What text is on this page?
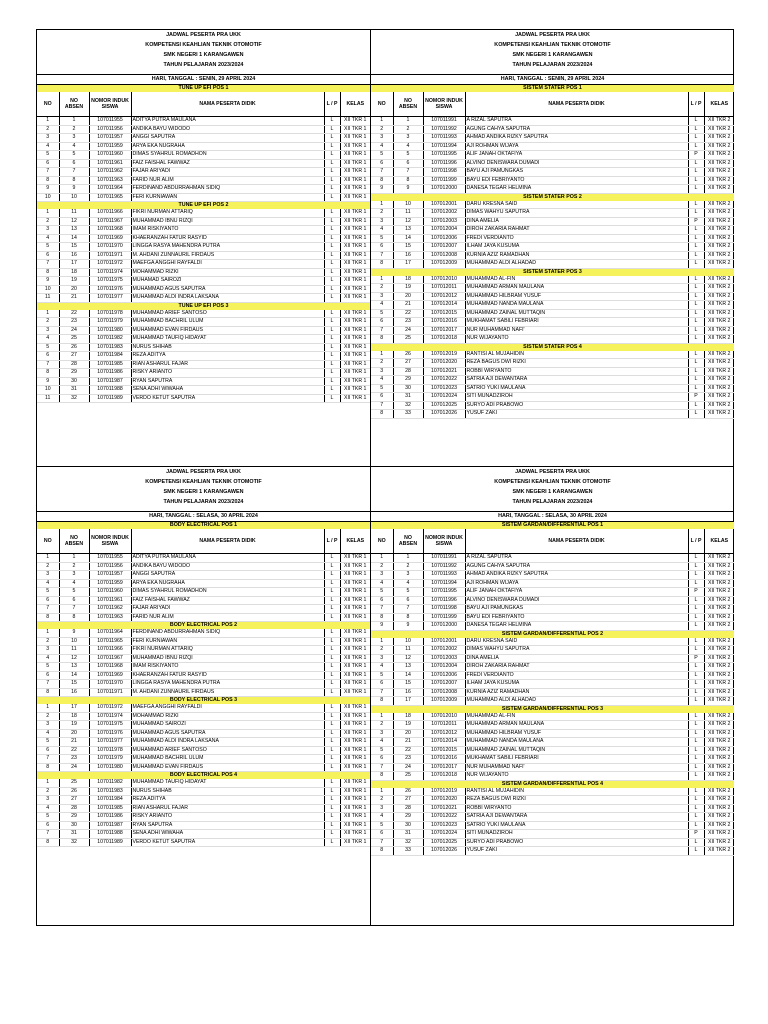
JADWAL PESERTA PRA UKK
KOMPETENSI KEAHLIAN TEKNIK OTOMOTIF
SMK NEGERI 1 KARANGAWEN
TAHUN PELAJARAN 2023/2024
HARI, TANGGAL : SENIN, 29 APRIL 2024
TUNE UP EFI POS 1
NO	NO ABSEN	NOMOR INDUK SISWA	NAMA PESERTA DIDIK	L / P	KELAS
1	1	107011955	ADITYA PUTRA MAULANA	L	XII TKR 1
2	2	107011956	ANDIKA BAYU WIDODO	L	XII TKR 1
3	3	107011957	ANGGI SAPUTRA	L	XII TKR 1
4	4	107011959	ARYA EKA NUGRAHA	L	XII TKR 1
5	5	107011960	DIMAS SYAHRUL ROMADHON	L	XII TKR 1
6	6	107011961	FAIZ FAISHAL FAWWAZ	L	XII TKR 1
7	7	107011962	FAJAR ARIYADI	L	XII TKR 1
8	8	107011963	FARID NUR ALIM	L	XII TKR 1
9	9	107011964	FERDINAND ABDURRAHMAN SIDIQ	L	XII TKR 1
10	10	107011965	FERI KURNIAWAN	L	XII TKR 1
TUNE UP EFI POS 2
1	11	107011966	FIKRI NURMAN ATTARIQ	L	XII TKR 1
2	12	107011967	MUHAMMAD IBNU RIZQI	L	XII TKR 1
3	13	107011968	IMAM RISKIYANTO	L	XII TKR 1
4	14	107011969	KHAERANZAH FATUR RASYID	L	XII TKR 1
5	15	107011970	LINGGA RASYA MAHENDRA PUTRA	L	XII TKR 1
6	16	107011971	M. AHDANI ZUNNAURIL FIRDAUS	L	XII TKR 1
7	17	107011972	MAEFGA ANGGHI RAYFALDI	L	XII TKR 1
8	18	107011974	MOHAMMAD RIZKI	L	XII TKR 1
9	19	107011975	MUHAMAD SAIROZI	L	XII TKR 1
10	20	107011976	MUHAMMAD AGUS SAPUTRA	L	XII TKR 1
11	21	107011977	MUHAMMAD ALDI INDRA LAKSANA	L	XII TKR 1
TUNE UP EFI POS 3
1	22	107011978	MUHAMMAD ARIEF SANTOSO	L	XII TKR 1
2	23	107011979	MUHAMMAD BACHRIL ULUM	L	XII TKR 1
3	24	107011980	MUHAMMAD EVAN FIRDAUS	L	XII TKR 1
4	25	107011982	MUHAMMAD TAUFIQ HIDAYAT	L	XII TKR 1
5	26	107011983	NURUS SHIHAB	L	XII TKR 1
6	27	107011984	REZA ADITYA	L	XII TKR 1
7	28	107011985	RIAN ASHARUL FAJAR	L	XII TKR 1
8	29	107011986	RISKY ARIANTO	L	XII TKR 1
9	30	107011987	RYAN SAPUTRA	L	XII TKR 1
10	31	107011988	SENA ADHI WIWAHA	L	XII TKR 1
11	32	107011989	VERDO KETUT SAPUTRA	L	XII TKR 1
JADWAL PESERTA PRA UKK
KOMPETENSI KEAHLIAN TEKNIK OTOMOTIF
SMK NEGERI 1 KARANGAWEN
TAHUN PELAJARAN 2023/2024
HARI, TANGGAL : SENIN, 29 APRIL 2024
SISTEM STATER POS 1
NO	NO ABSEN	NOMOR INDUK SISWA	NAMA PESERTA DIDIK	L / P	KELAS
1	1	107011991	A RIZAL SAPUTRA	L	XII TKR 2
2	2	107011992	AGUNG CAHYA SAPUTRA	L	XII TKR 2
3	3	107011993	AHMAD ANDIKA RIZKY SAPUTRA	L	XII TKR 2
4	4	107011994	AJI ROHMAN WIJAYA	L	XII TKR 2
5	5	107011995	ALIF JANAH OKTAFIYA	P	XII TKR 2
6	6	107011996	ALVINO DENISWARA DUMADI	L	XII TKR 2
7	7	107011998	BAYU AJI PAMUNGKAS	L	XII TKR 2
8	8	107011999	BAYU EDI FEBRIYANTO	L	XII TKR 2
9	9	107012000	DANESA TEGAR HELMINA	L	XII TKR 2
SISTEM STATER POS 2
1	10	107012001	DARU KRESNA SAID	L	XII TKR 2
2	11	107012002	DIMAS WAHYU SAPUTRA	L	XII TKR 2
3	12	107012003	DINA AMELIA	P	XII TKR 2
4	13	107012004	DIROH ZAKARIA RAHMAT	L	XII TKR 2
5	14	107012006	FREDI VERDIANTO	L	XII TKR 2
6	15	107012007	ILHAM JAYA KUSUMA	L	XII TKR 2
7	16	107012008	KURNIA AZIZ RAMADHAN	L	XII TKR 2
8	17	107012009	MUHAMMAD ALDI ALHADAD	L	XII TKR 2
SISTEM STATER POS 3
1	18	107012010	MUHAMMAD AL-FIN	L	XII TKR 2
2	19	107012011	MUHAMMAD ARMAN MAULANA	L	XII TKR 2
3	20	107012012	MUHAMMAD HILBRAM YUSUF	L	XII TKR 2
4	21	107012014	MUHAMMAD NANDA MAULANA	L	XII TKR 2
5	22	107012015	MUHAMMAD ZAINAL MUTTAQIN	L	XII TKR 2
6	23	107012016	MUKHAMAT SABILI FEBRIARI	L	XII TKR 2
7	24	107012017	NUR MUHAMMAD NAFI'	L	XII TKR 2
8	25	107012018	NUR WIJAYANTO	L	XII TKR 2
SISTEM STATER POS 4
1	26	107012019	RANTISI AL MUJAHIDIN	L	XII TKR 2
2	27	107012020	REZA BAGUS DWI RIZKI	L	XII TKR 2
3	28	107012021	ROBBI WIRYANTO	L	XII TKR 2
4	29	107012022	SATRIA AJI DEWANTARA	L	XII TKR 2
5	30	107012023	SATRIO YUKI MAULANA	L	XII TKR 2
6	31	107012024	SITI MUNADZIROH	P	XII TKR 2
7	32	107012025	SURYO ADI PRABOWO	L	XII TKR 2
8	33	107012026	YUSUF ZAKI	L	XII TKR 2
JADWAL PESERTA PRA UKK
KOMPETENSI KEAHLIAN TEKNIK OTOMOTIF
SMK NEGERI 1 KARANGAWEN
TAHUN PELAJARAN 2023/2024
HARI, TANGGAL : SELASA, 30 APRIL 2024
BODY ELECTRICAL POS 1
NO	NO ABSEN	NOMOR INDUK SISWA	NAMA PESERTA DIDIK	L / P	KELAS
1	1	107011955	ADITYA PUTRA MAULANA	L	XII TKR 1
2	2	107011956	ANDIKA BAYU WIDODO	L	XII TKR 1
3	3	107011957	ANGGI SAPUTRA	L	XII TKR 1
4	4	107011959	ARYA EKA NUGRAHA	L	XII TKR 1
5	5	107011960	DIMAS SYAHRUL ROMADHON	L	XII TKR 1
6	6	107011961	FAIZ FAISHAL FAWWAZ	L	XII TKR 1
7	7	107011962	FAJAR ARIYADI	L	XII TKR 1
8	8	107011963	FARID NUR ALIM	L	XII TKR 1
BODY ELECTRICAL POS 2
1	9	107011964	FERDINAND ABDURRAHMAN SIDIQ	L	XII TKR 1
2	10	107011965	FERI KURNIAWAN	L	XII TKR 1
3	11	107011966	FIKRI NURMAN ATTARIQ	L	XII TKR 1
4	12	107011967	MUHAMMAD IBNU RIZQI	L	XII TKR 1
5	13	107011968	IMAM RISKIYANTO	L	XII TKR 1
6	14	107011969	KHAERANZAH FATUR RASYID	L	XII TKR 1
7	15	107011970	LINGGA RASYA MAHENDRA PUTRA	L	XII TKR 1
8	16	107011971	M. AHDANI ZUNNAURIL FIRDAUS	L	XII TKR 1
BODY ELECTRICAL POS 3
1	17	107011972	MAEFGA ANGGHI RAYFALDI	L	XII TKR 1
2	18	107011974	MOHAMMAD RIZKI	L	XII TKR 1
3	19	107011975	MUHAMMAD SAIROZI	L	XII TKR 1
4	20	107011976	MUHAMMAD AGUS SAPUTRA	L	XII TKR 1
5	21	107011977	MUHAMMAD ALDI INDRA LAKSANA	L	XII TKR 1
6	22	107011978	MUHAMMAD ARIEF SANTOSO	L	XII TKR 1
7	23	107011979	MUHAMMAD BACHRIL ULUM	L	XII TKR 1
8	24	107011980	MUHAMMAD EVAN FIRDAUS	L	XII TKR 1
BODY ELECTRICAL POS 4
1	25	107011982	MUHAMMAD TAUFIQ HIDAYAT	L	XII TKR 1
2	26	107011983	NURUS SHIHAB	L	XII TKR 1
3	27	107011984	REZA ADITYA	L	XII TKR 1
4	28	107011985	RIAN ASHARUL FAJAR	L	XII TKR 1
5	29	107011986	RISKY ARIANTO	L	XII TKR 1
6	30	107011987	RYAN SAPUTRA	L	XII TKR 1
7	31	107011988	SENA ADHI WIWAHA	L	XII TKR 1
8	32	107011989	VERDO KETUT SAPUTRA	L	XII TKR 1
JADWAL PESERTA PRA UKK
KOMPETENSI KEAHLIAN TEKNIK OTOMOTIF
SMK NEGERI 1 KARANGAWEN
TAHUN PELAJARAN 2023/2024
HARI, TANGGAL : SELASA, 30 APRIL 2024
SISTEM GARDAN/DIFFERENTIAL POS 1
NO	NO ABSEN	NOMOR INDUK SISWA	NAMA PESERTA DIDIK	L / P	KELAS
1	1	107011991	A RIZAL SAPUTRA	L	XII TKR 2
2	2	107011992	AGUNG CAHYA SAPUTRA	L	XII TKR 2
3	3	107011993	AHMAD ANDIKA RIZKY SAPUTRA	L	XII TKR 2
4	4	107011994	AJI ROHMAN WIJAYA	L	XII TKR 2
5	5	107011995	ALIF JANAH OKTAFIYA	P	XII TKR 2
6	6	107011996	ALVINO DENISWARA DUMADI	L	XII TKR 2
7	7	107011998	BAYU AJI PAMUNGKAS	L	XII TKR 2
8	8	107011999	BAYU EDI FEBRIYANTO	L	XII TKR 2
9	9	107012000	DANESA TEGAR HELMINA	L	XII TKR 2
SISTEM GARDAN/DIFFERENTIAL POS 2
1	10	107012001	DARU KRESNA SAID	L	XII TKR 2
2	11	107012002	DIMAS WAHYU SAPUTRA	L	XII TKR 2
3	12	107012003	DINA AMELIA	P	XII TKR 2
4	13	107012004	DIROH ZAKARIA RAHMAT	L	XII TKR 2
5	14	107012006	FREDI VERDIANTO	L	XII TKR 2
6	15	107012007	ILHAM JAYA KUSUMA	L	XII TKR 2
7	16	107012008	KURNIA AZIZ RAMADHAN	L	XII TKR 2
8	17	107012009	MUHAMMAD ALDI ALHADAD	L	XII TKR 2
SISTEM GARDAN/DIFFERENTIAL POS 3
1	18	107012010	MUHAMMAD AL-FIN	L	XII TKR 2
2	19	107012011	MUHAMMAD ARMAN MAULANA	L	XII TKR 2
3	20	107012012	MUHAMMAD HILBRAM YUSUF	L	XII TKR 2
4	21	107012014	MUHAMMAD NANDA MAULANA	L	XII TKR 2
5	22	107012015	MUHAMMAD ZAINAL MUTTAQIN	L	XII TKR 2
6	23	107012016	MUKHAMAT SABILI FEBRIARI	L	XII TKR 2
7	24	107012017	NUR MUHAMMAD NAFI'	L	XII TKR 2
8	25	107012018	NUR WIJAYANTO	L	XII TKR 2
SISTEM GARDAN/DIFFERENTIAL POS 4
1	26	107012019	RANTISI AL MUJAHIDIN	L	XII TKR 2
2	27	107012020	REZA BAGUS DWI RIZKI	L	XII TKR 2
3	28	107012021	ROBBI WIRYANTO	L	XII TKR 2
4	29	107012022	SATRIA AJI DEWANTARA	L	XII TKR 2
5	30	107012023	SATRIO YUKI MAULANA	L	XII TKR 2
6	31	107012024	SITI MUNADZIROH	P	XII TKR 2
7	32	107012025	SURYO ADI PRABOWO	L	XII TKR 2
8	33	107012026	YUSUF ZAKI	L	XII TKR 2
